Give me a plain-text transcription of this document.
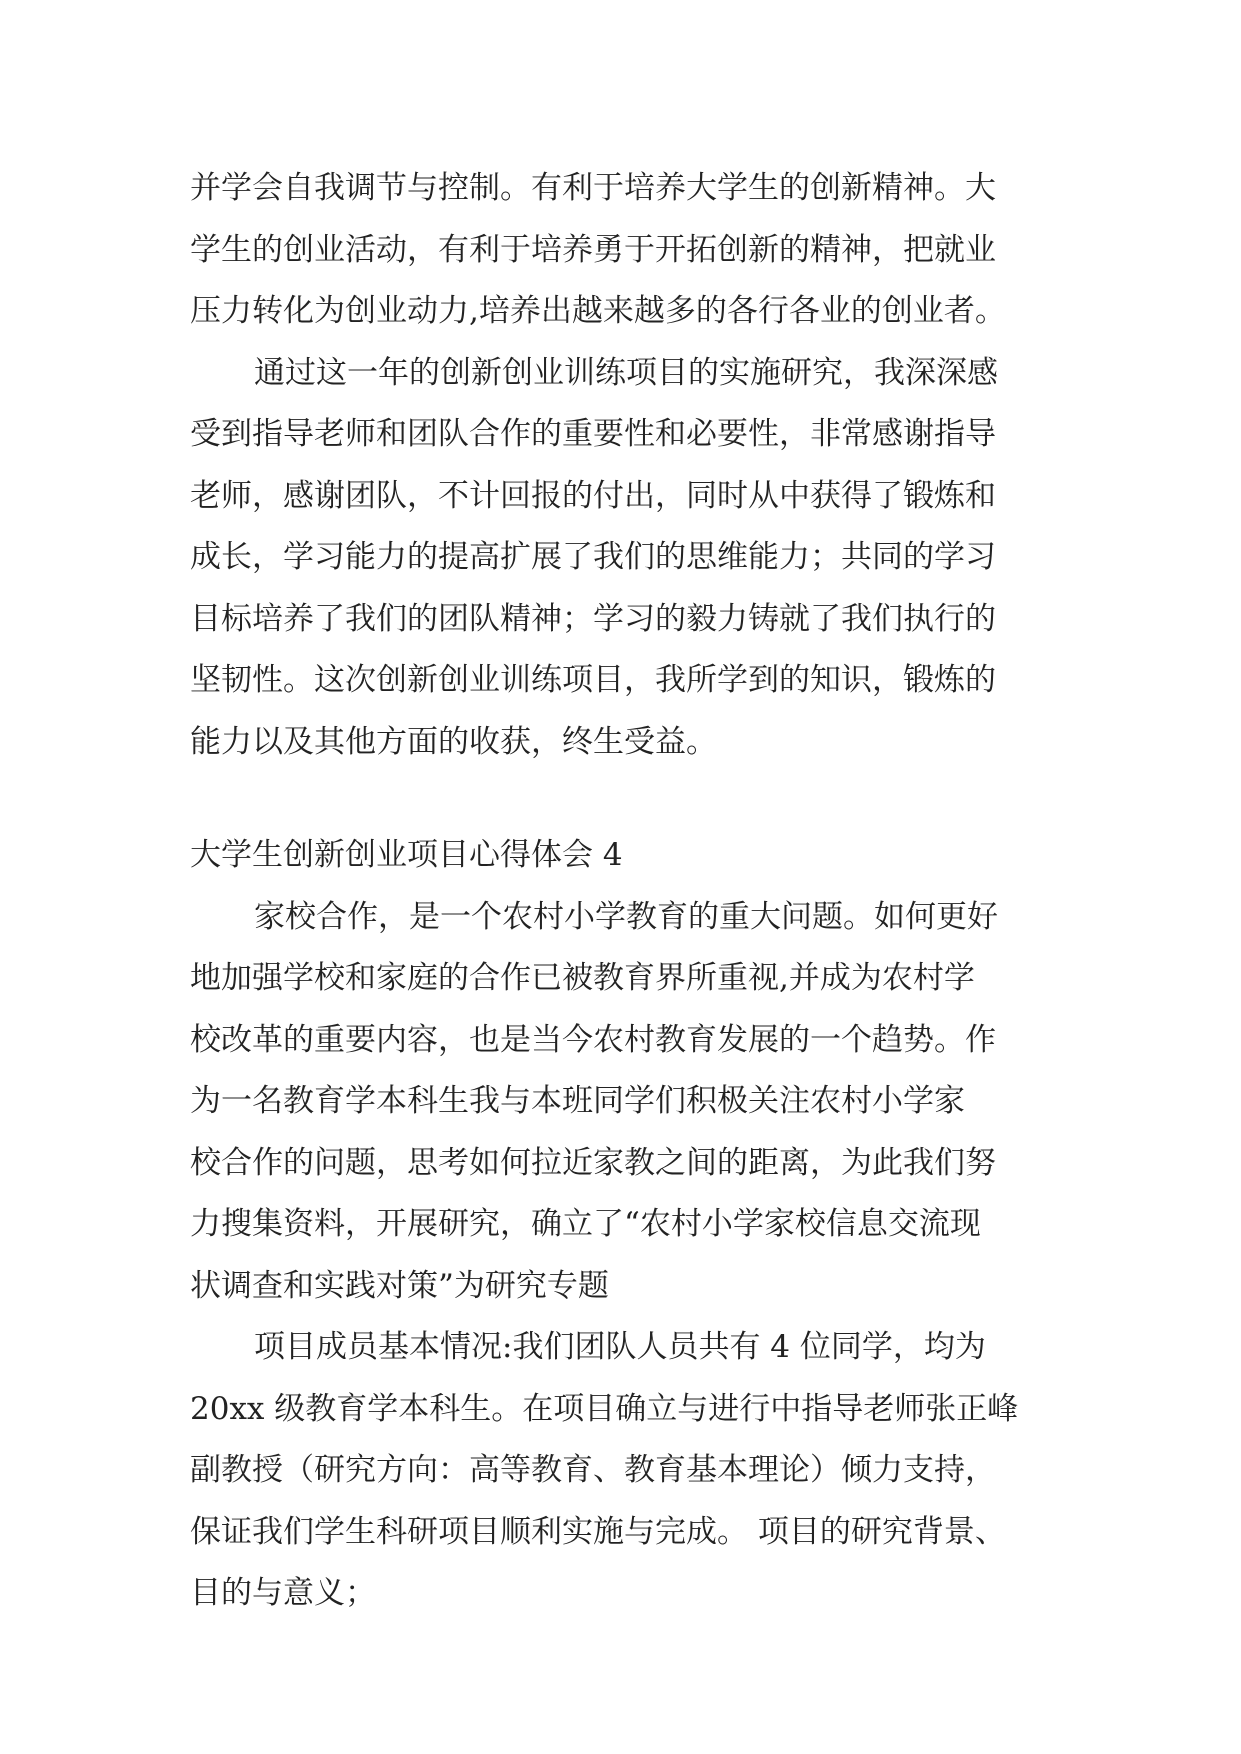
并学会自我调节与控制。有利于培养大学生的创新精神。大
学生的创业活动，有利于培养勇于开拓创新的精神，把就业
压力转化为创业动力,培养出越来越多的各行各业的创业者。
通过这一年的创新创业训练项目的实施研究，我深深感
受到指导老师和团队合作的重要性和必要性，非常感谢指导
老师，感谢团队，不计回报的付出，同时从中获得了锻炼和
成长，学习能力的提高扩展了我们的思维能力；共同的学习
目标培养了我们的团队精神；学习的毅力铸就了我们执行的
坚韧性。这次创新创业训练项目，我所学到的知识，锻炼的
能力以及其他方面的收获，终生受益。
大学生创新创业项目心得体会 4
家校合作，是一个农村小学教育的重大问题。如何更好
地加强学校和家庭的合作已被教育界所重视,并成为农村学
校改革的重要内容，也是当今农村教育发展的一个趋势。作
为一名教育学本科生我与本班同学们积极关注农村小学家
校合作的问题，思考如何拉近家教之间的距离，为此我们努
力搜集资料，开展研究，确立了“农村小学家校信息交流现
状调查和实践对策”为研究专题
项目成员基本情况:我们团队人员共有 4 位同学，均为
20xx 级教育学本科生。在项目确立与进行中指导老师张正峰
副教授（研究方向：高等教育、教育基本理论）倾力支持，
保证我们学生科研项目顺利实施与完成。 项目的研究背景、
目的与意义；
